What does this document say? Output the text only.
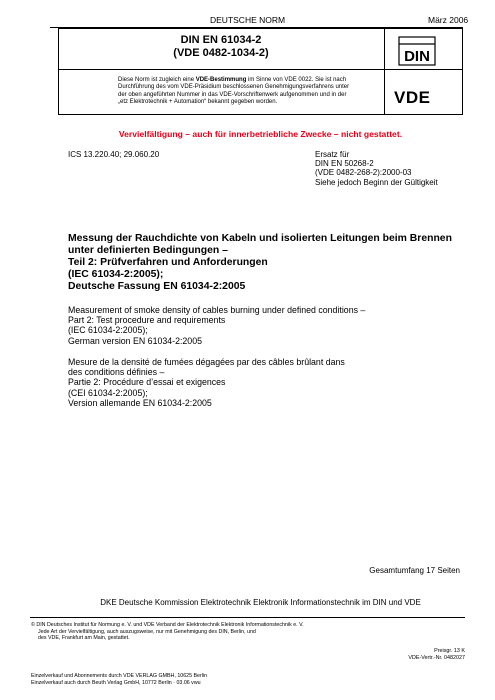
DEUTSCHE NORM	März 2006
DIN EN 61034-2
(VDE 0482-1034-2)	DIN
VDE
Diese Norm ist zugleich eine VDE-Bestimmung im Sinne von VDE 0022. Sie ist nach
Durchführung des vom VDE-Präsidium beschlossenen Genehmigungsverfahrens unter
der oben angeführten Nummer in das VDE-Vorschriftenwerk aufgenommen und in der
„etz Elektrotechnik + Automation“ bekannt gegeben worden.
Vervielfältigung – auch für innerbetriebliche Zwecke – nicht gestattet.
ICS 13.220.40; 29.060.20	Ersatz für
DIN EN 50268-2
(VDE 0482-268-2):2000-03
Siehe jedoch Beginn der Gültigkeit
Messung der Rauchdichte von Kabeln und isolierten Leitungen beim Brennen
unter definierten Bedingungen –
Teil 2: Prüfverfahren und Anforderungen
(IEC 61034-2:2005);
Deutsche Fassung EN 61034-2:2005
Measurement of smoke density of cables burning under defined conditions –
Part 2: Test procedure and requirements
(IEC 61034-2:2005);
German version EN 61034-2:2005
Mesure de la densité de fumées dégagées par des câbles brûlant dans
des conditions définies –
Partie 2: Procédure d’essai et exigences
(CEI 61034-2:2005);
Version allemande EN 61034-2:2005
Gesamtumfang 17 Seiten
DKE Deutsche Kommission Elektrotechnik Elektronik Informationstechnik im DIN und VDE
© DIN Deutsches Institut für Normung e. V. und VDE Verband der Elektrotechnik Elektronik Informationstechnik e. V.
Jede Art der Vervielfältigung, auch auszugsweise, nur mit Genehmigung des DIN, Berlin, und
des VDE, Frankfurt am Main, gestattet.
Preisgr. 13 K
VDE-Vertr.-Nr. 0482027
Einzelverkauf und Abonnements durch VDE VERLAG GMBH, 10625 Berlin
Einzelverkauf auch durch Beuth Verlag GmbH, 10772 Berlin · 03.06 vwu
